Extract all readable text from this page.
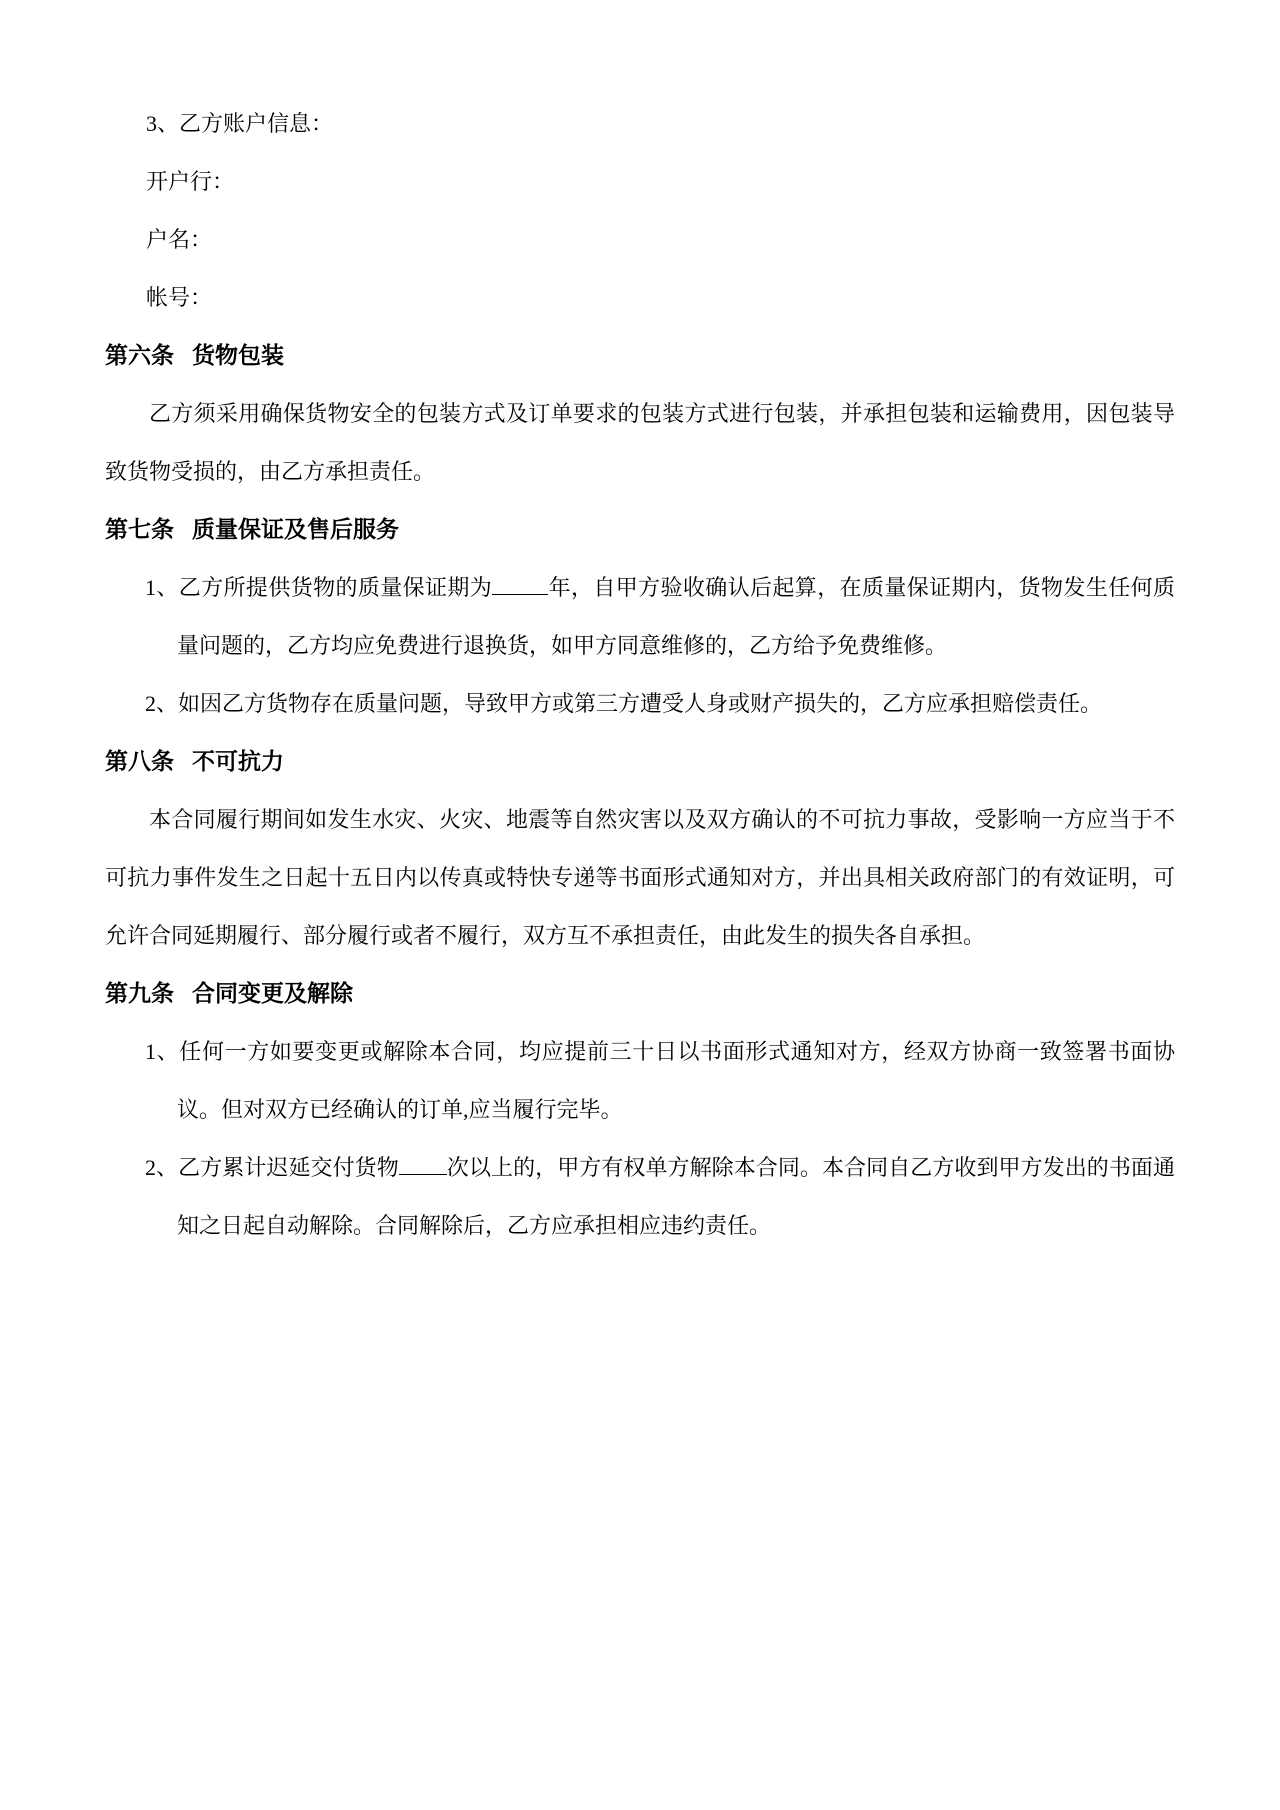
3、乙方账户信息：

开户行：

户名：

帐号：

第六条 货物包装

乙方须采用确保货物安全的包装方式及订单要求的包装方式进行包装，并承担包装和运输费用，因包装导致货物受损的，由乙方承担责任。

第七条 质量保证及售后服务

1、乙方所提供货物的质量保证期为	年，自甲方验收确认后起算，在质量保证期内，货物发生任何质量问题的，乙方均应免费进行退换货，如甲方同意维修的，乙方给予免费维修。

2、如因乙方货物存在质量问题，导致甲方或第三方遭受人身或财产损失的，乙方应承担赔偿责任。

第八条 不可抗力

本合同履行期间如发生水灾、火灾、地震等自然灾害以及双方确认的不可抗力事故，受影响一方应当于不可抗力事件发生之日起十五日内以传真或特快专递等书面形式通知对方，并出具相关政府部门的有效证明，可允许合同延期履行、部分履行或者不履行，双方互不承担责任，由此发生的损失各自承担。

第九条 合同变更及解除

1、任何一方如要变更或解除本合同，均应提前三十日以书面形式通知对方，经双方协商一致签署书面协议。但对双方已经确认的订单,应当履行完毕。

2、乙方累计迟延交付货物 次以上的，甲方有权单方解除本合同。本合同自乙方收到甲方发出的书面通知之日起自动解除。合同解除后，乙方应承担相应违约责任。
